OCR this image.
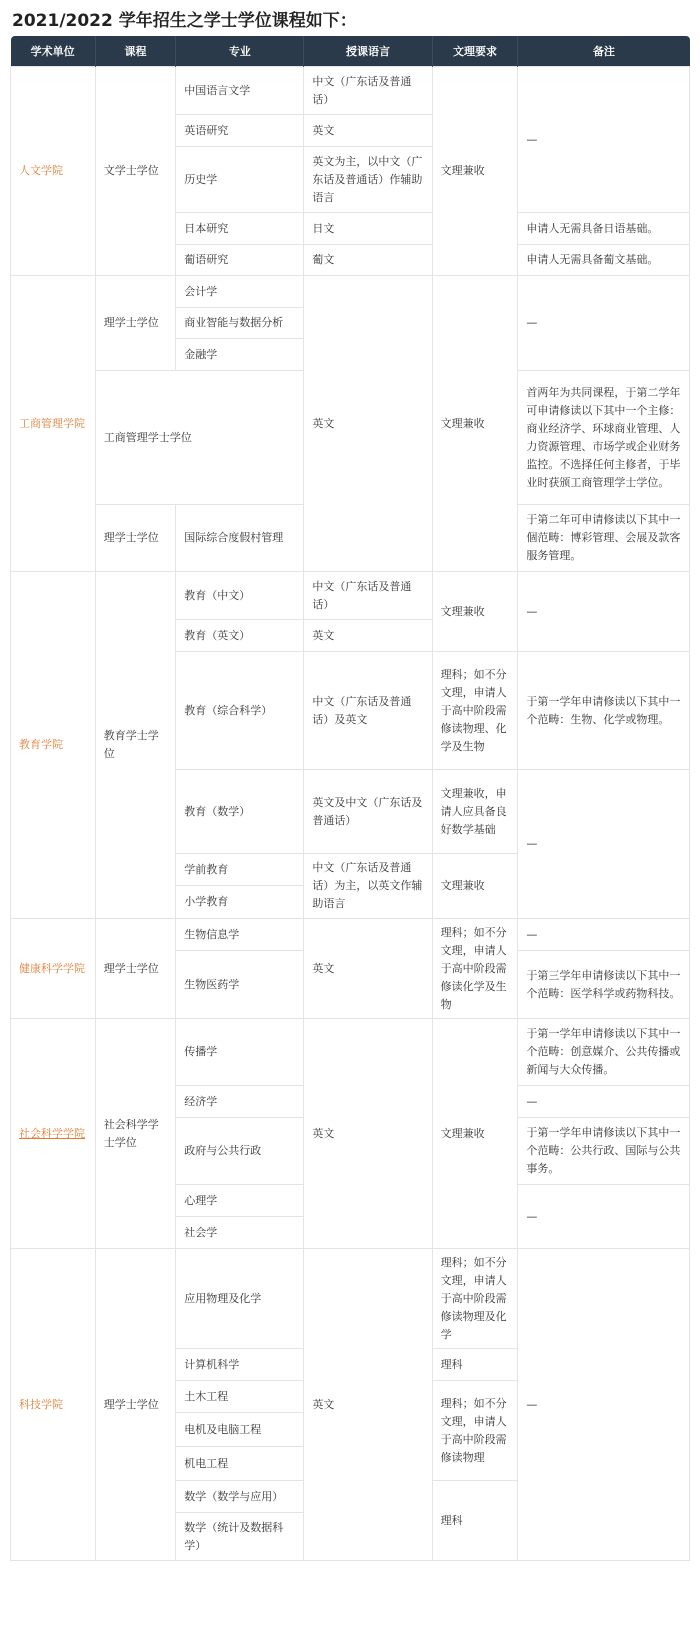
2021/2022 学年招生之学士学位课程如下：
学术单位	课程	专业	授课语言	文理要求	备注
人文学院	文学士学位	中国语言文学	中文（广东话及普通话）	文理兼收	—
		英语研究	英文		
		历史学	英文为主，以中文（广东话及普通话）作辅助语言		
		日本研究	日文		申请人无需具备日语基础。
		葡语研究	葡文		申请人无需具备葡文基础。
工商管理学院	理学士学位	会计学	英文	文理兼收	—
		商业智能与数据分析			
		金融学			
	工商管理学士学位				首两年为共同课程，于第二学年可申请修读以下其中一个主修：商业经济学、环球商业管理、人力资源管理、市场学或企业财务监控。不选择任何主修者，于毕业时获颁工商管理学士学位。
	理学士学位	国际综合度假村管理			于第二年可申请修读以下其中一個范畴：博彩管理、会展及款客服务管理。
教育学院	教育学士学位	教育（中文）	中文（广东话及普通话）	文理兼收	—
		教育（英文）	英文		
		教育（综合科学）	中文（广东话及普通话）及英文	理科；如不分文理，申请人于高中阶段需修读物理、化学及生物	于第一学年申请修读以下其中一个范畴：生物、化学或物理。
		教育（数学）	英文及中文（广东话及普通话）	文理兼收，申请人应具备良好数学基础	—
		学前教育	中文（广东话及普通话）为主，以英文作辅助语言	文理兼收	
		小学教育			
健康科学学院	理学士学位	生物信息学	英文	理科；如不分文理，申请人于高中阶段需修读化学及生物	—
		生物医药学			于第三学年申请修读以下其中一个范畴：医学科学或药物科技。
社会科学学院	社会科学学士学位	传播学	英文	文理兼收	于第一学年申请修读以下其中一个范畴：创意媒介、公共传播或新闻与大众传播。
		经济学			—
		政府与公共行政			于第一学年申请修读以下其中一个范畴：公共行政、国际与公共事务。
		心理学			—
		社会学			
科技学院	理学士学位	应用物理及化学	英文	理科；如不分文理，申请人于高中阶段需修读物理及化学	—
		计算机科学		理科	
		土木工程		理科；如不分文理，申请人于高中阶段需修读物理	
		电机及电脑工程			
		机电工程			
		数学（数学与应用）		理科	
		数学（统计及数据科学）			
